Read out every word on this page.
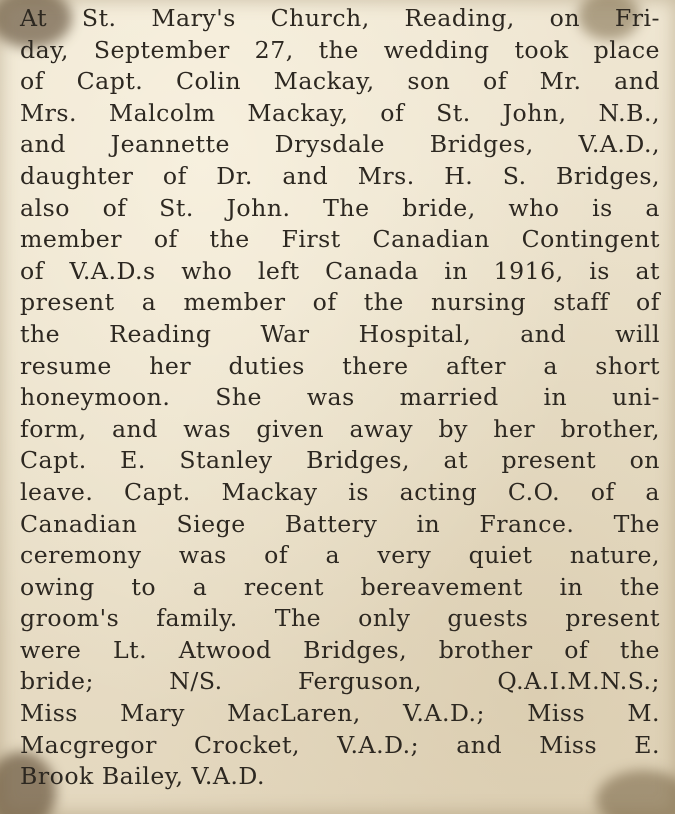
At St. Mary's Church, Reading, on Fri-
day, September 27, the wedding took place
of Capt. Colin Mackay, son of Mr. and
Mrs. Malcolm Mackay, of St. John, N.B.,
and Jeannette Drysdale Bridges, V.A.D.,
daughter of Dr. and Mrs. H. S. Bridges,
also of St. John. The bride, who is a
member of the First Canadian Contingent
of V.A.D.s who left Canada in 1916, is at
present a member of the nursing staff of
the Reading War Hospital, and will
resume her duties there after a short
honeymoon. She was married in uni-
form, and was given away by her brother,
Capt. E. Stanley Bridges, at present on
leave. Capt. Mackay is acting C.O. of a
Canadian Siege Battery in France. The
ceremony was of a very quiet nature,
owing to a recent bereavement in the
groom's family. The only guests present
were Lt. Atwood Bridges, brother of the
bride; N/S. Ferguson, Q.A.I.M.N.S.;
Miss Mary MacLaren, V.A.D.; Miss M.
Macgregor Crocket, V.A.D.; and Miss E.
Brook Bailey, V.A.D.
